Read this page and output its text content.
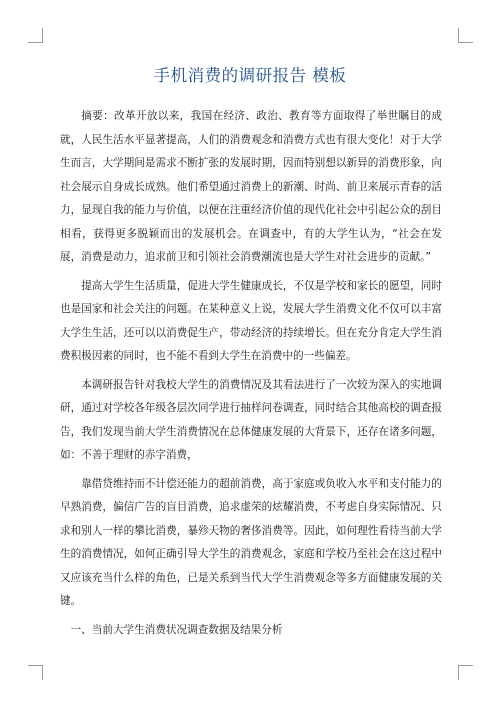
手机消费的调研报告 模板

摘要：改革开放以来，我国在经济、政治、教育等方面取得了举世瞩目的成就，人民生活水平显著提高，人们的消费观念和消费方式也有很大变化！对于大学生而言，大学期间是需求不断扩张的发展时期，因而特别想以新异的消费形象，向社会展示自身成长成熟。他们希望通过消费上的新潮、时尚、前卫来展示青春的活力，显现自我的能力与价值，以便在注重经济价值的现代化社会中引起公众的刮目相看，获得更多脱颖而出的发展机会。在调查中，有的大学生认为，“社会在发展，消费是动力，追求前卫和引领社会消费潮流也是大学生对社会进步的贡献。”

提高大学生生活质量，促进大学生健康成长，不仅是学校和家长的愿望，同时也是国家和社会关注的问题。在某种意义上说，发展大学生消费文化不仅可以丰富大学生生活，还可以以消费促生产，带动经济的持续增长。但在充分肯定大学生消费积极因素的同时，也不能不看到大学生在消费中的一些偏差。

本调研报告针对我校大学生的消费情况及其看法进行了一次较为深入的实地调研，通过对学校各年级各层次同学进行抽样问卷调查，同时结合其他高校的调查报告，我们发现当前大学生消费情况在总体健康发展的大背景下，还存在诸多问题，如：不善于理财的赤字消费，

靠借贷维持而不计偿还能力的超前消费，高于家庭或负收入水平和支付能力的早熟消费，偏信广告的盲目消费，追求虚荣的炫耀消费，不考虑自身实际情况、只求和别人一样的攀比消费，暴殄天物的奢侈消费等。因此，如何理性看待当前大学生的消费情况，如何正确引导大学生的消费观念，家庭和学校乃至社会在这过程中又应该充当什么样的角色，已是关系到当代大学生消费观念等多方面健康发展的关键。

一、当前大学生消费状况调查数据及结果分析
